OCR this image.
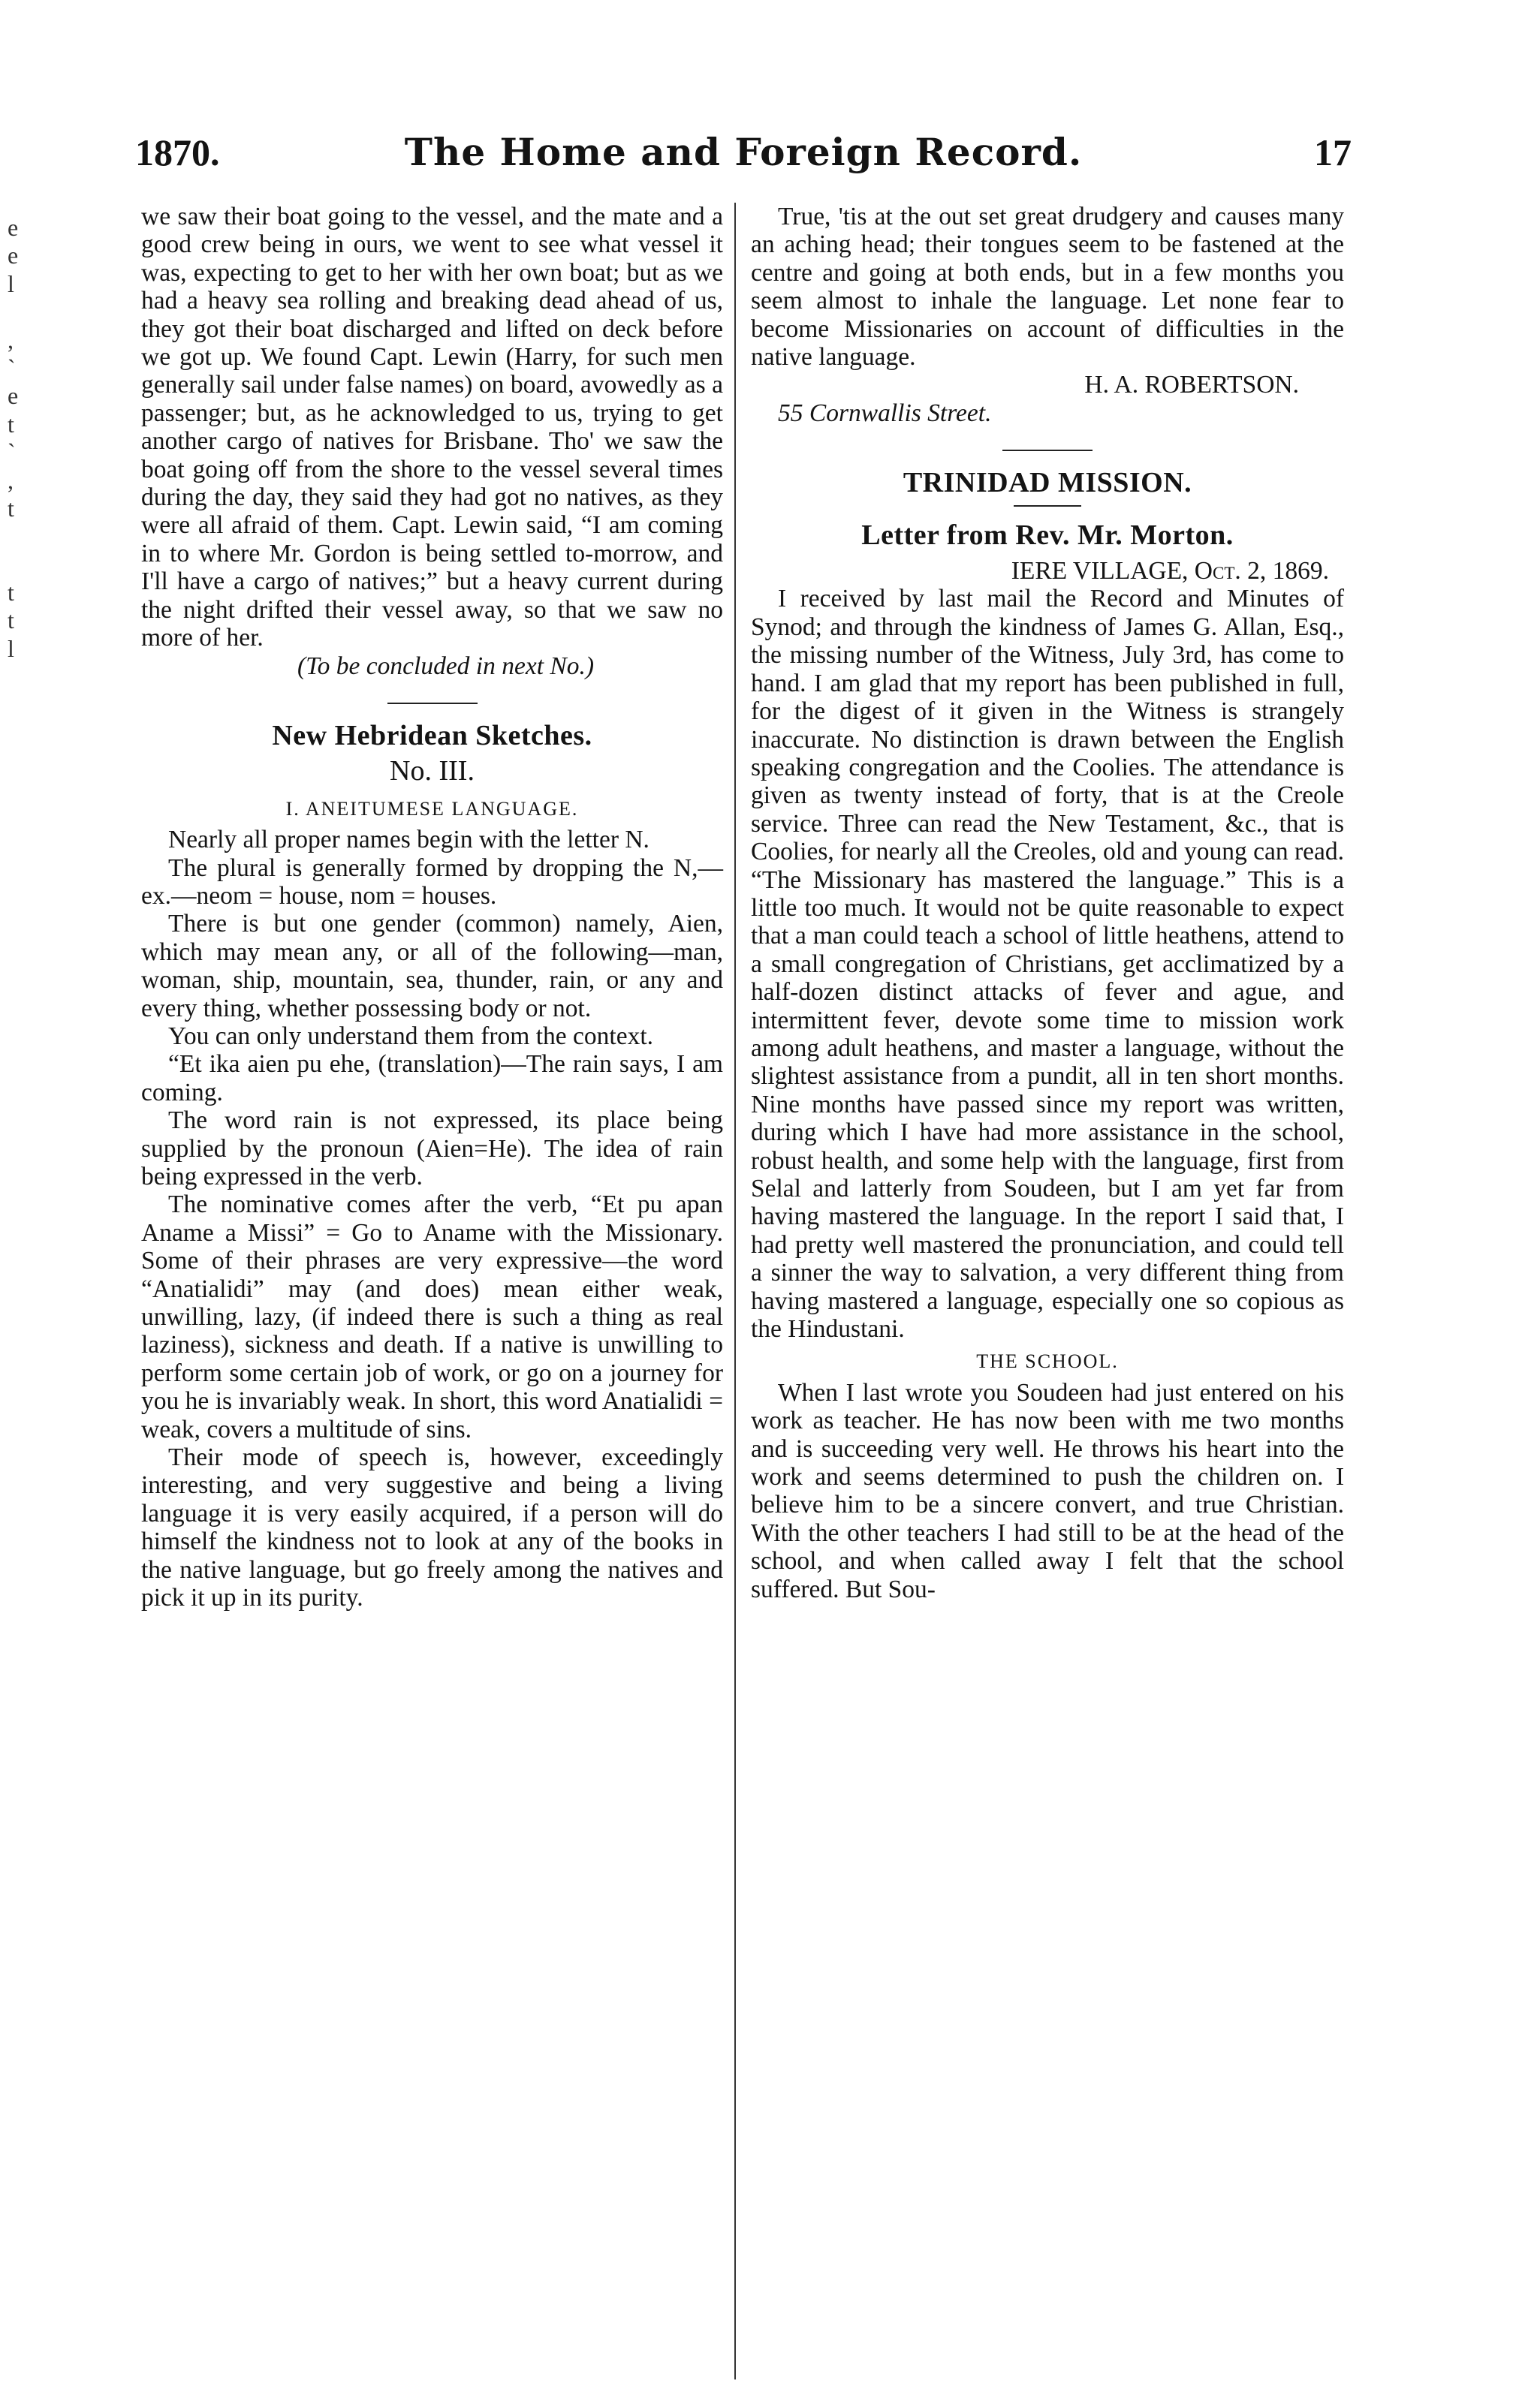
1870.	The Home and Foreign Record.	17
e
e
l
,
`
e
t
`
,
t
t
t
l

we saw their boat going to the vessel, and the mate and a good crew being in ours, we went to see what vessel it was, expecting to get to her with her own boat; but as we had a heavy sea rolling and breaking dead ahead of us, they got their boat discharged and lifted on deck before we got up. We found Capt. Lewin (Harry, for such men generally sail under false names) on board, avowedly as a passenger; but, as he acknowledged to us, trying to get another cargo of natives for Brisbane. Tho' we saw the boat going off from the shore to the vessel several times during the day, they said they had got no natives, as they were all afraid of them. Capt. Lewin said, “I am coming in to where Mr. Gordon is being settled to-morrow, and I'll have a cargo of natives;” but a heavy current during the night drifted their vessel away, so that we saw no more of her.

(To be concluded in next No.)

New Hebridean Sketches.
No. III.
I. ANEITUMESE LANGUAGE.

Nearly all proper names begin with the letter N.

The plural is generally formed by dropping the N,—ex.—neom = house, nom = houses.

There is but one gender (common) namely, Aien, which may mean any, or all of the following—man, woman, ship, mountain, sea, thunder, rain, or any and every thing, whether possessing body or not.

You can only understand them from the context.

“Et ika aien pu ehe, (translation)—The rain says, I am coming.

The word rain is not expressed, its place being supplied by the pronoun (Aien=He). The idea of rain being expressed in the verb.

The nominative comes after the verb, “Et pu apan Aname a Missi” = Go to Aname with the Missionary. Some of their phrases are very expressive—the word “Anatialidi” may (and does) mean either weak, unwilling, lazy, (if indeed there is such a thing as real laziness), sickness and death. If a native is unwilling to perform some certain job of work, or go on a journey for you he is invariably weak. In short, this word Anatialidi = weak, covers a multitude of sins.

Their mode of speech is, however, exceedingly interesting, and very suggestive and being a living language it is very easily acquired, if a person will do himself the kindness not to look at any of the books in the native language, but go freely among the natives and pick it up in its purity.

True, 'tis at the out set great drudgery and causes many an aching head; their tongues seem to be fastened at the centre and going at both ends, but in a few months you seem almost to inhale the language. Let none fear to become Missionaries on account of difficulties in the native language.

H. A. ROBERTSON.
55 Cornwallis Street.
TRINIDAD MISSION.
Letter from Rev. Mr. Morton.
IERE VILLAGE, Oct. 2, 1869.

I received by last mail the Record and Minutes of Synod; and through the kindness of James G. Allan, Esq., the missing number of the Witness, July 3rd, has come to hand. I am glad that my report has been published in full, for the digest of it given in the Witness is strangely inaccurate. No distinction is drawn between the English speaking congregation and the Coolies. The attendance is given as twenty instead of forty, that is at the Creole service. Three can read the New Testament, &c., that is Coolies, for nearly all the Creoles, old and young can read. “The Missionary has mastered the language.” This is a little too much. It would not be quite reasonable to expect that a man could teach a school of little heathens, attend to a small congregation of Christians, get acclimatized by a half-dozen distinct attacks of fever and ague, and intermittent fever, devote some time to mission work among adult heathens, and master a language, without the slightest assistance from a pundit, all in ten short months. Nine months have passed since my report was written, during which I have had more assistance in the school, robust health, and some help with the language, first from Selal and latterly from Soudeen, but I am yet far from having mastered the language. In the report I said that, I had pretty well mastered the pronunciation, and could tell a sinner the way to salvation, a very different thing from having mastered a language, especially one so copious as the Hindustani.

THE SCHOOL.

When I last wrote you Soudeen had just entered on his work as teacher. He has now been with me two months and is succeeding very well. He throws his heart into the work and seems determined to push the children on. I believe him to be a sincere convert, and true Christian. With the other teachers I had still to be at the head of the school, and when called away I felt that the school suffered. But Sou-
